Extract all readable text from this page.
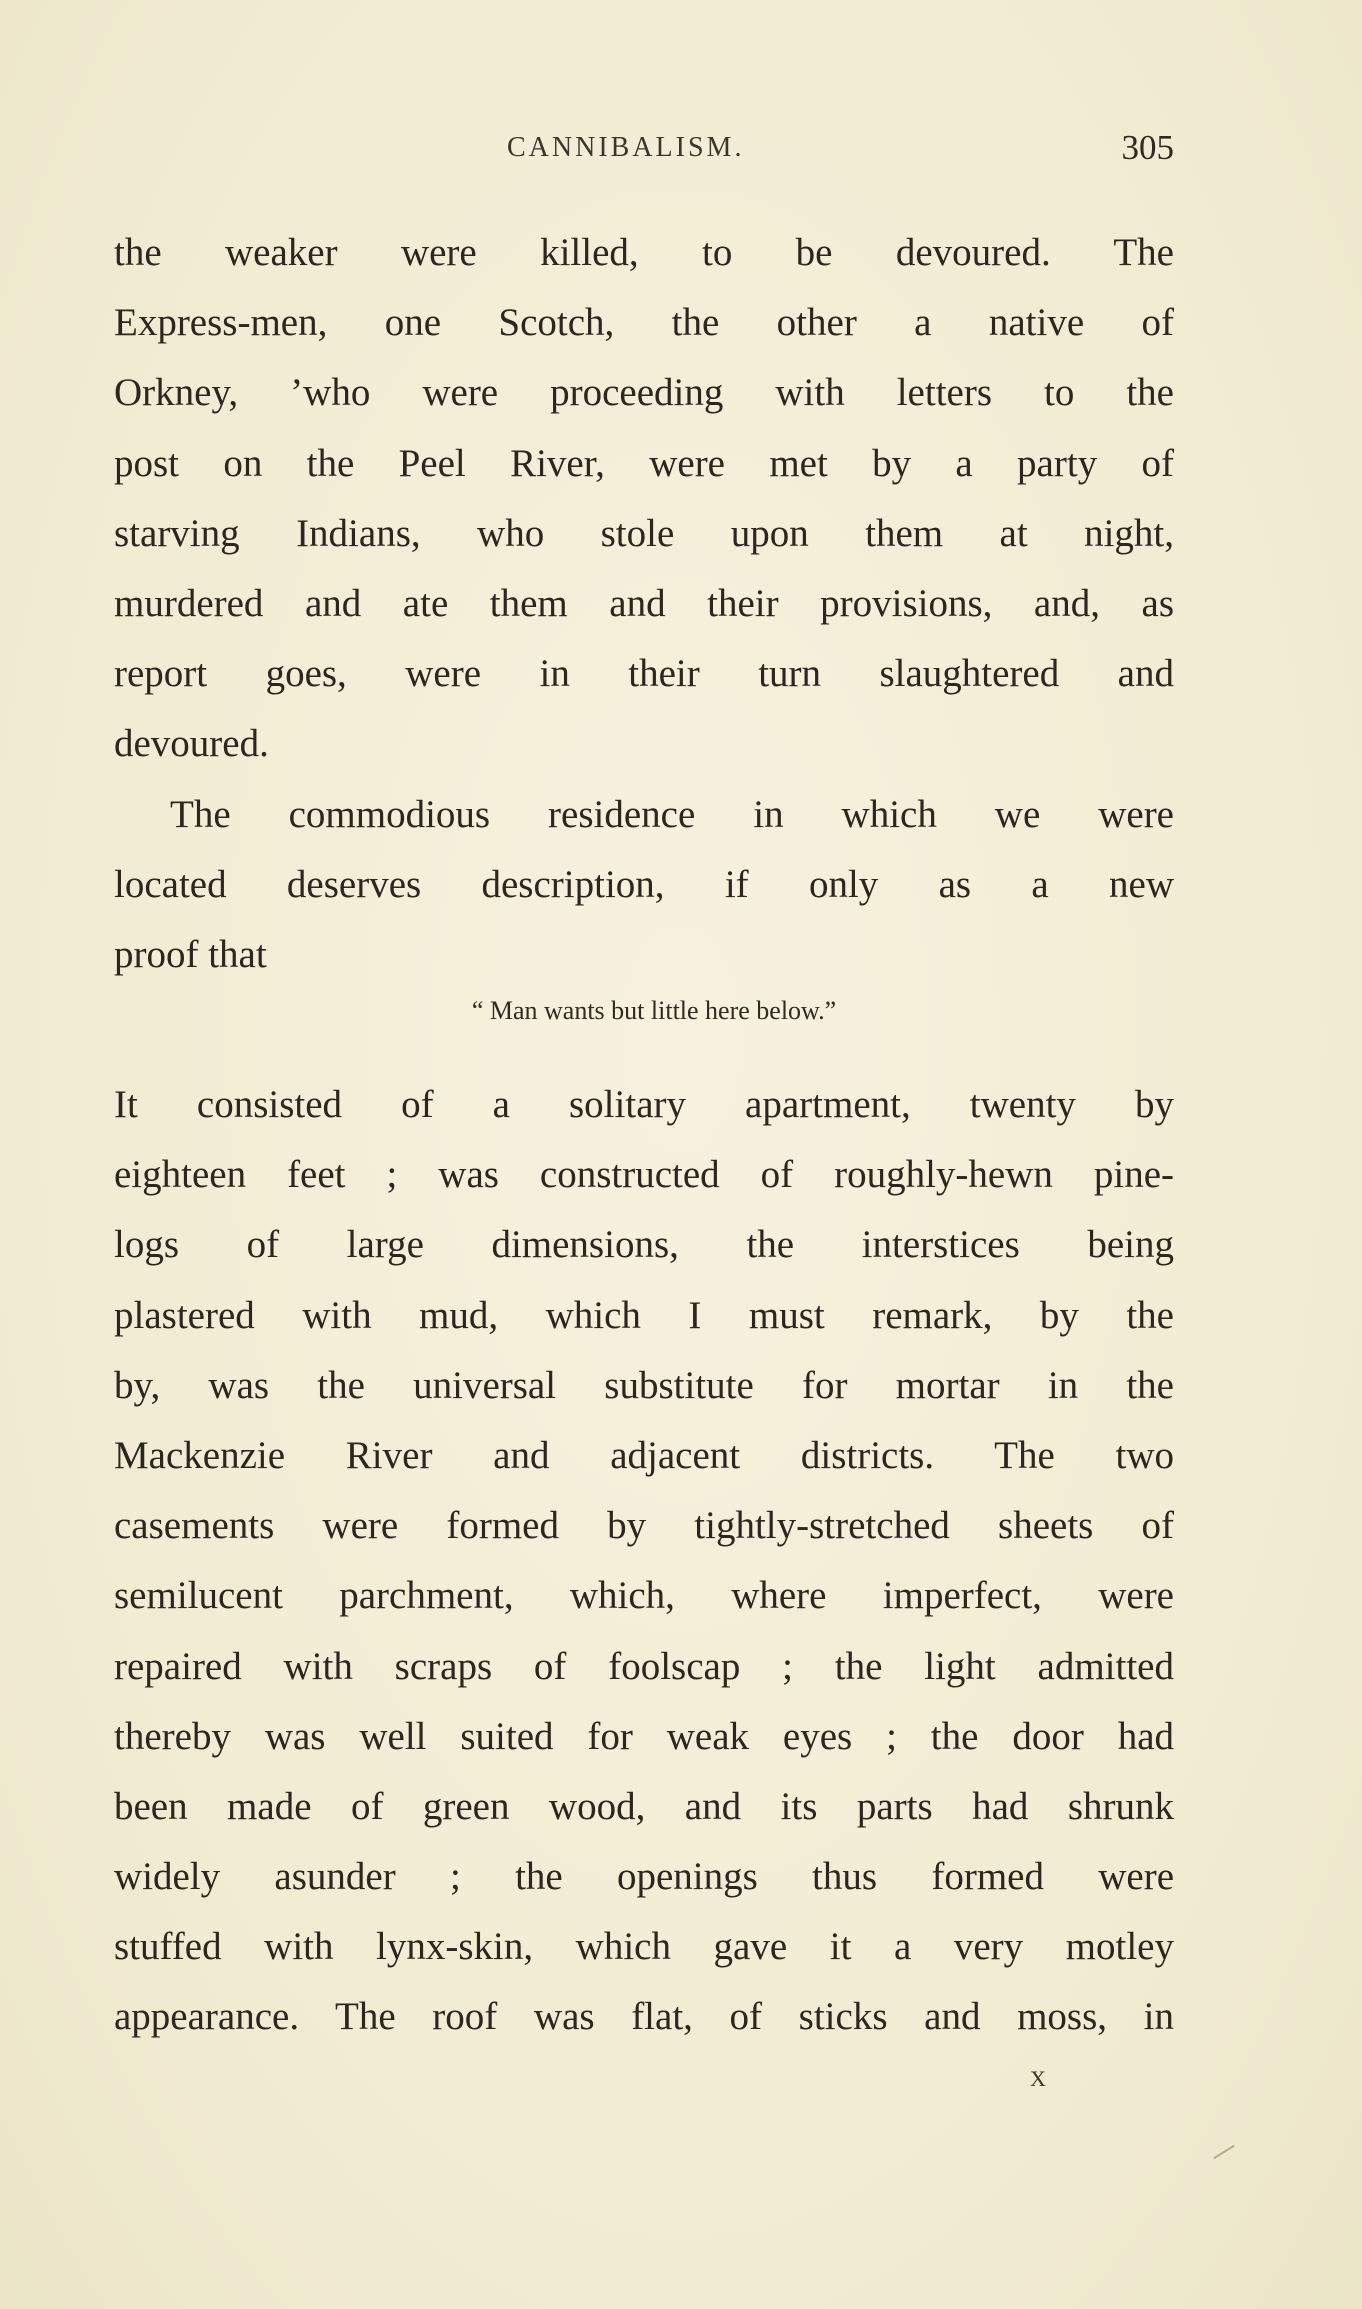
CANNIBALISM.	305
the weaker were killed, to be devoured. The
Express-men, one Scotch, the other a native of
Orkney, ’who were proceeding with letters to the
post on the Peel River, were met by a party of
starving Indians, who stole upon them at night,
murdered and ate them and their provisions, and, as
report goes, were in their turn slaughtered and
devoured.
The commodious residence in which we were
located deserves description, if only as a new
proof that
“ Man wants but little here below.”
It consisted of a solitary apartment, twenty by
eighteen feet ; was constructed of roughly-hewn pine-
logs of large dimensions, the interstices being
plastered with mud, which I must remark, by the
by, was the universal substitute for mortar in the
Mackenzie River and adjacent districts. The two
casements were formed by tightly-stretched sheets of
semilucent parchment, which, where imperfect, were
repaired with scraps of foolscap ; the light admitted
thereby was well suited for weak eyes ; the door had
been made of green wood, and its parts had shrunk
widely asunder ; the openings thus formed were
stuffed with lynx-skin, which gave it a very motley
appearance. The roof was flat, of sticks and moss, in
X
